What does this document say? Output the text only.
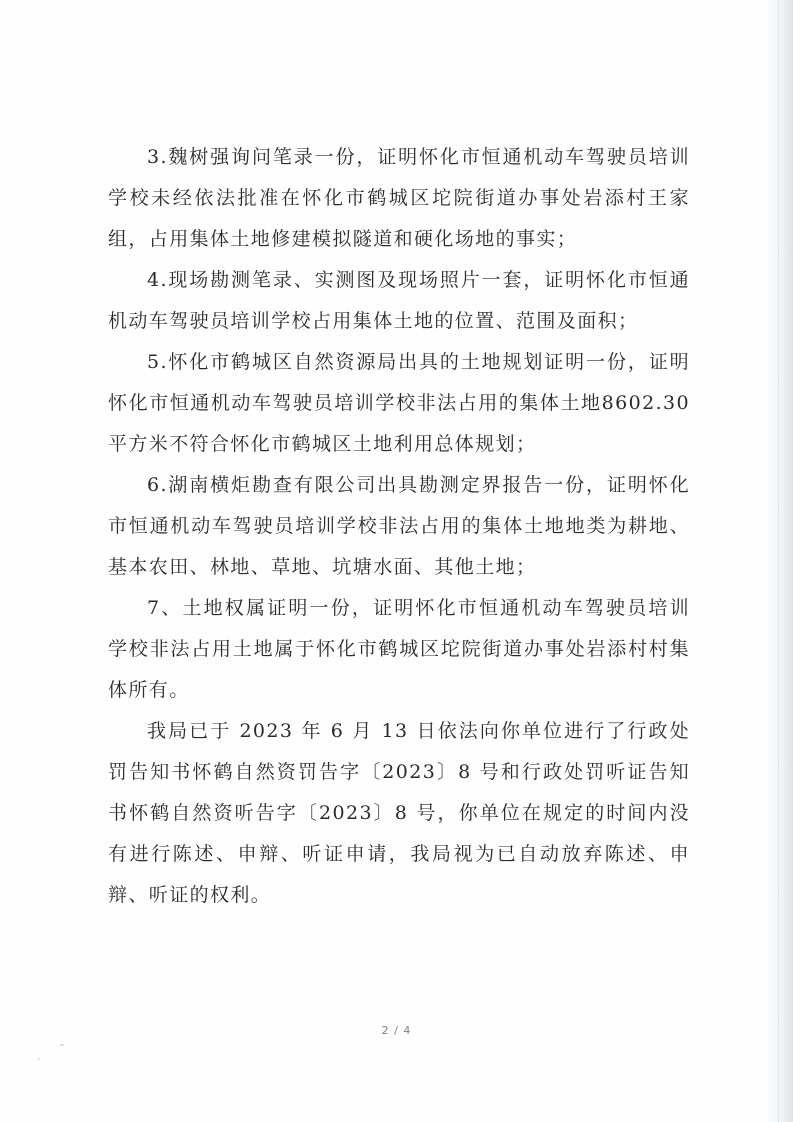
3.魏树强询问笔录一份，证明怀化市恒通机动车驾驶员培训学校未经依法批准在怀化市鹤城区坨院街道办事处岩添村王家组，占用集体土地修建模拟隧道和硬化场地的事实；

4.现场勘测笔录、实测图及现场照片一套，证明怀化市恒通机动车驾驶员培训学校占用集体土地的位置、范围及面积；

5.怀化市鹤城区自然资源局出具的土地规划证明一份，证明怀化市恒通机动车驾驶员培训学校非法占用的集体土地8602.30 平方米不符合怀化市鹤城区土地利用总体规划；

6.湖南横炬勘查有限公司出具勘测定界报告一份，证明怀化市恒通机动车驾驶员培训学校非法占用的集体土地地类为耕地、基本农田、林地、草地、坑塘水面、其他土地；

7、土地权属证明一份，证明怀化市恒通机动车驾驶员培训学校非法占用土地属于怀化市鹤城区坨院街道办事处岩添村村集体所有。

我局已于 2023 年 6 月 13 日依法向你单位进行了行政处罚告知书怀鹤自然资罚告字〔2023〕8 号和行政处罚听证告知书怀鹤自然资听告字〔2023〕8 号，你单位在规定的时间内没有进行陈述、申辩、听证申请，我局视为已自动放弃陈述、申辩、听证的权利。

2 / 4
